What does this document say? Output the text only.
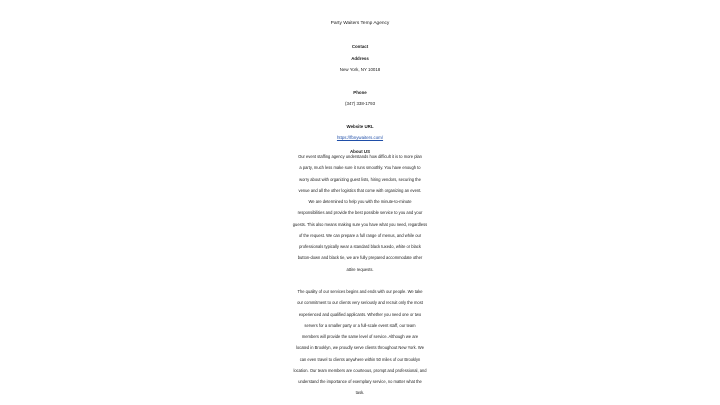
Party Waiters Temp Agency
Contact
Address
New York, NY 10018
Phone
(347) 338-1793
Website URL
https://fbnywaiters.com/
About US
Our event staffing agency understands how difficult it is to more plan
a party, much less make sure it runs smoothly. You have enough to
worry about with organizing guest lists, hiring vendors, securing the
venue and all the other logistics that come with organizing an event.
We are determined to help you with the minute-to-minute
responsibilities and provide the best possible service to you and your
guests. This also means making sure you have what you need, regardless
of the request. We can prepare a full range of menus, and while our
professionals typically wear a standard black tuxedo, white or black
button-down and black tie, we are fully prepared accommodate other
attire requests.
The quality of our services begins and ends with our people. We take
our commitment to our clients very seriously and recruit only the most
experienced and qualified applicants. Whether you need one or two
servers for a smaller party or a full-scale event staff, our team
members will provide the same level of service. Although we are
located in Brooklyn, we proudly serve clients throughout New York. We
can even travel to clients anywhere within 50 miles of our Brooklyn
location. Our team members are courteous, prompt and professional, and
understand the importance of exemplary service, no matter what the
task.
